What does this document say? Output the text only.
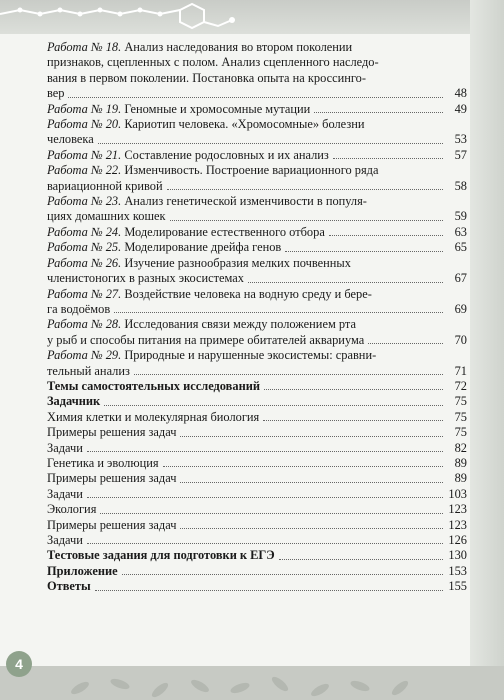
Работа № 18. Анализ наследования во втором поколении
признаков, сцепленных с полом. Анализ сцепленного наследо-
вания в первом поколении. Постановка опыта на кроссинго-
вер	48
Работа № 19. Геномные и хромосомные мутации	49
Работа № 20. Кариотип человека. «Хромосомные» болезни
человека	53
Работа № 21. Составление родословных и их анализ	57
Работа № 22. Изменчивость. Построение вариационного ряда
вариационной кривой	58
Работа № 23. Анализ генетической изменчивости в популя-
циях домашних кошек	59
Работа № 24. Моделирование естественного отбора	63
Работа № 25. Моделирование дрейфа генов	65
Работа № 26. Изучение разнообразия мелких почвенных
членистоногих в разных экосистемах	67
Работа № 27. Воздействие человека на водную среду и бере-
га водоёмов	69
Работа № 28. Исследования связи между положением рта
у рыб и способы питания на примере обитателей аквариума	70
Работа № 29. Природные и нарушенные экосистемы: сравни-
тельный анализ	71
Темы самостоятельных исследований	72
Задачник	75
Химия клетки и молекулярная биология	75
Примеры решения задач	75
Задачи	82
Генетика и эволюция	89
Примеры решения задач	89
Задачи	103
Экология	123
Примеры решения задач	123
Задачи	126
Тестовые задания для подготовки к ЕГЭ	130
Приложение	153
Ответы	155
4
